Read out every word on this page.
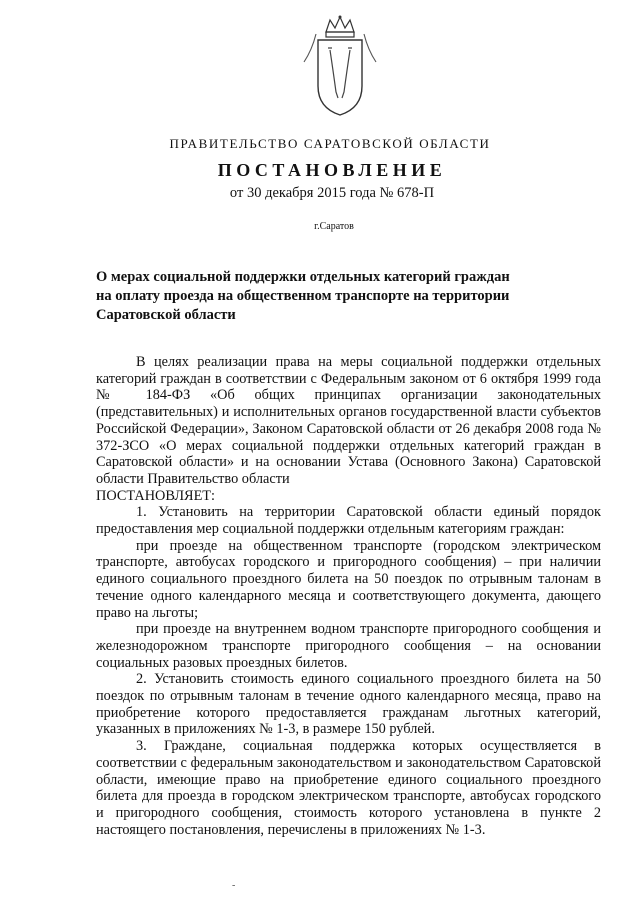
ПРАВИТЕЛЬСТВО САРАТОВСКОЙ ОБЛАСТИ
ПОСТАНОВЛЕНИЕ
от 30 декабря 2015 года № 678-П
г.Саратов
О мерах социальной поддержки отдельных категорий граждан на оплату проезда на общественном транспорте на территории Саратовской области

В целях реализации права на меры социальной поддержки отдельных категорий граждан в соответствии с Федеральным законом от 6 октября 1999 года № 184-ФЗ «Об общих принципах организации законодательных (представительных) и исполнительных органов государственной власти субъектов Российской Федерации», Законом Саратовской области от 26 декабря 2008 года № 372-ЗСО «О мерах социальной поддержки отдельных категорий граждан в Саратовской области» и на основании Устава (Основного Закона) Саратовской области Правительство области

ПОСТАНОВЛЯЕТ:

1. Установить на территории Саратовской области единый порядок предоставления мер социальной поддержки отдельным категориям граждан:

при проезде на общественном транспорте (городском электрическом транспорте, автобусах городского и пригородного сообщения) – при наличии единого социального проездного билета на 50 поездок по отрывным талонам в течение одного календарного месяца и соответствующего документа, дающего право на льготы;

при проезде на внутреннем водном транспорте пригородного сообщения и железнодорожном транспорте пригородного сообщения – на основании социальных разовых проездных билетов.

2. Установить стоимость единого социального проездного билета на 50 поездок по отрывным талонам в течение одного календарного месяца, право на приобретение которого предоставляется гражданам льготных категорий, указанных в приложениях № 1-3, в размере 150 рублей.

3. Граждане, социальная поддержка которых осуществляется в соответствии с федеральным законодательством и законодательством Саратовской области, имеющие право на приобретение единого социального проездного билета для проезда в городском электрическом транспорте, автобусах городского и пригородного сообщения, стоимость которого установлена в пункте 2 настоящего постановления, перечислены в приложениях № 1-3.

-
